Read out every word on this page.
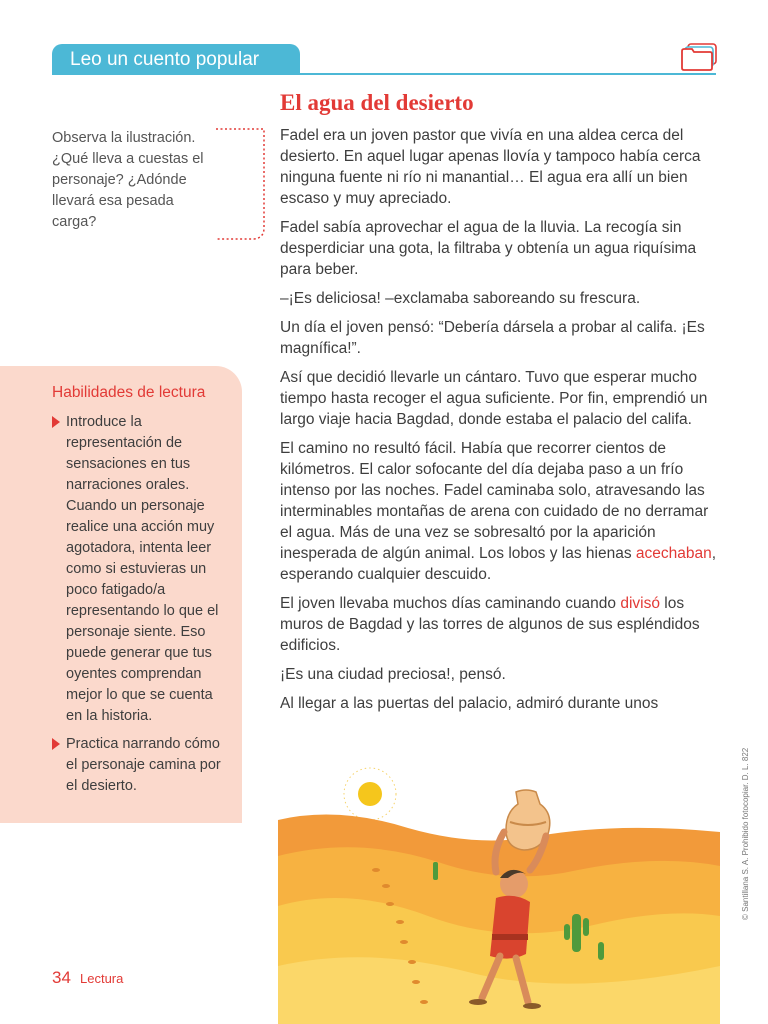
Leo un cuento popular
El agua del desierto
Observa la ilustración. ¿Qué lleva a cuestas el personaje? ¿Adónde llevará esa pesada carga?
Habilidades de lectura
Introduce la representación de sensaciones en tus narraciones orales. Cuando un personaje realice una acción muy agotadora, intenta leer como si estuvieras un poco fatigado/a representando lo que el personaje siente. Eso puede generar que tus oyentes comprendan mejor lo que se cuenta en la historia.
Practica narrando cómo el personaje camina por el desierto.

Fadel era un joven pastor que vivía en una aldea cerca del desierto. En aquel lugar apenas llovía y tampoco había cerca ninguna fuente ni río ni manantial… El agua era allí un bien escaso y muy apreciado.

Fadel sabía aprovechar el agua de la lluvia. La recogía sin desperdiciar una gota, la filtraba y obtenía un agua riquísima para beber.

–¡Es deliciosa! –exclamaba saboreando su frescura.

Un día el joven pensó: “Debería dársela a probar al califa. ¡Es magnífica!”.

Así que decidió llevarle un cántaro. Tuvo que esperar mucho tiempo hasta recoger el agua suficiente. Por fin, emprendió un largo viaje hacia Bagdad, donde estaba el palacio del califa.

El camino no resultó fácil. Había que recorrer cientos de kilómetros. El calor sofocante del día dejaba paso a un frío intenso por las noches. Fadel caminaba solo, atravesando las interminables montañas de arena con cuidado de no derramar el agua. Más de una vez se sobresaltó por la aparición inesperada de algún animal. Los lobos y las hienas acechaban, esperando cualquier descuido.

El joven llevaba muchos días caminando cuando divisó los muros de Bagdad y las torres de algunos de sus espléndidos edificios.

¡Es una ciudad preciosa!, pensó.

Al llegar a las puertas del palacio, admiró durante unos

34 Lectura
© Santillana S. A. Prohibido fotocopiar. D. L. 822
